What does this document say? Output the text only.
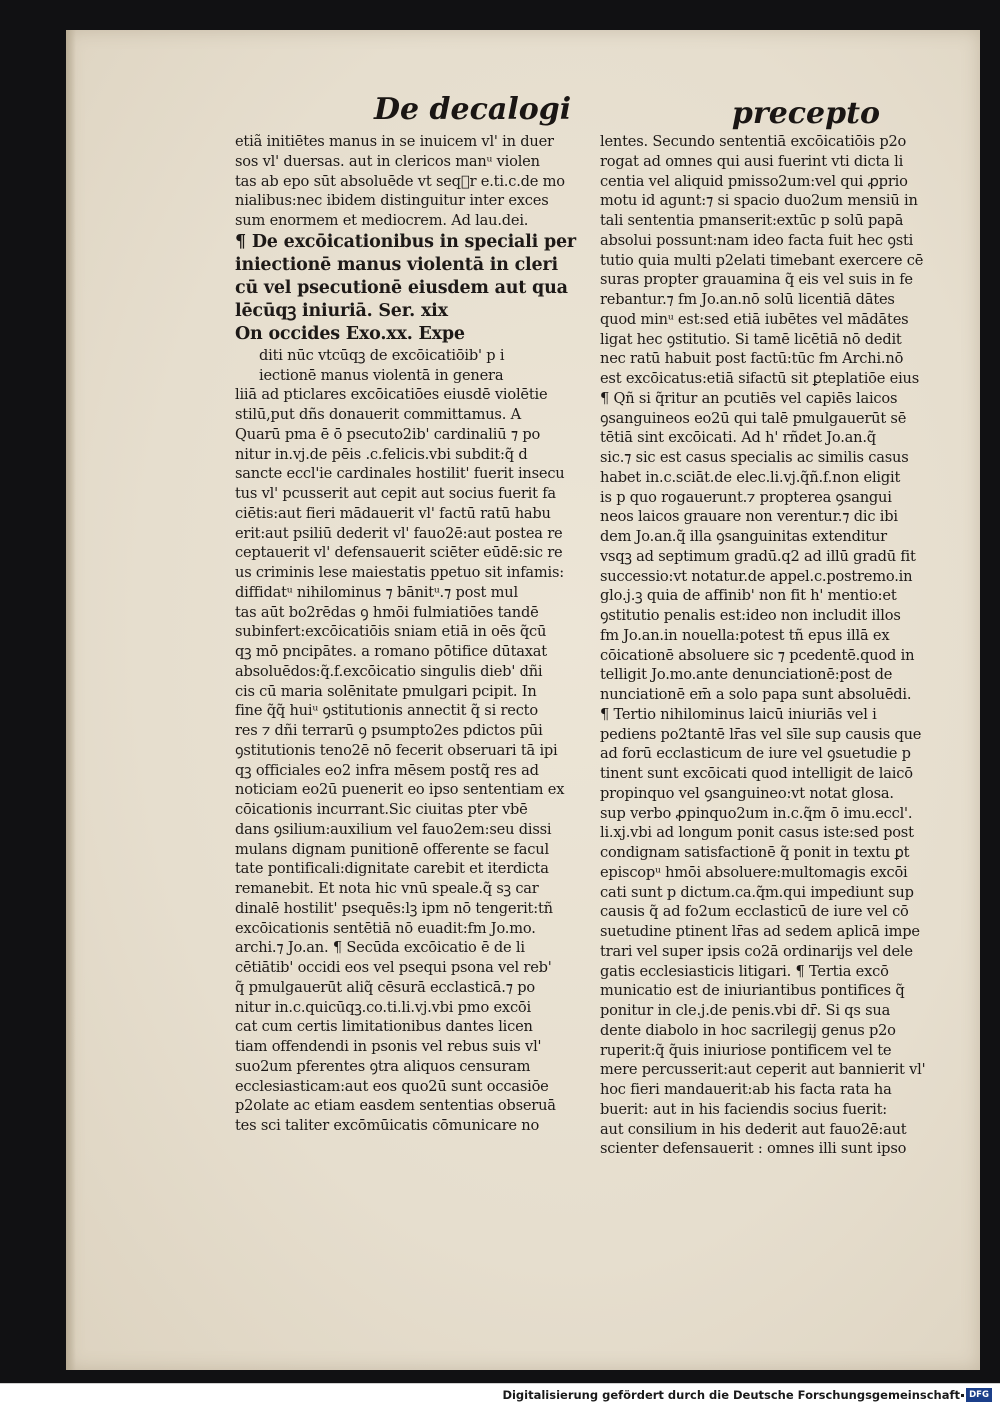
De decalogi	precepto
etiã initiētes manus in se inuicem vl' in duer
sos vl' duersas. aut in clericos manᵘ violen
tas ab epo sūt absoluēde vt seqᷓr e.ti.c.de mo
nialibus:nec ibidem distinguitur inter exces
sum enormem et mediocrem. Ad lau.dei.
¶ De excōicationibus in speciali per
iniectionē manus violentā in cleri
cū vel psecutionē eiusdem aut qua
lēcūqꝫ iniuriā. Ser. xix
On occides Exo.xx. Expe
diti nūc vtcūqꝫ de excōicatiōib' p i
iectionē manus violentā in genera
liiā ad pticlares excōicatiōes eiusdē violētie
stilū,put dñs donauerit committamus. A
Quarū pma ē ō psecuto2ib' cardinaliū ⁊ po
nitur in.vj.de pēis .c.felicis.vbi subdit:q̃ d
sancte eccl'ie cardinales hostilit' fuerit insecu
tus vl' pcusserit aut cepit aut socius fuerit fa
ciētis:aut fieri mādauerit vl' factū ratū habu
erit:aut psiliū dederit vl' fauo2ē:aut postea re
ceptauerit vl' defensauerit sciēter eūdē:sic re
us criminis lese maiestatis ppetuo sit infamis:
diffidatᵘ nihilominus ⁊ bānitᵘ.⁊ post mul
tas aūt bo2rēdas ꝯ hmōi fulmiatiōes tandē
subinfert:excōicatiōis sniam etiā in oēs q̃cū
qꝫ mō pncipātes. a romano pōtifice dūtaxat
absoluēdos:q̃.f.excōicatio singulis dieb' dñi
cis cū maria solēnitate pmulgari pcipit. In
fine q̃q̃ huiᵘ ꝯstitutionis annectit q̃ si recto
res ⁊ dñi terrarū ꝯ psumpto2es pdictos pūi
ꝯstitutionis teno2ē nō fecerit obseruari tā ipi
qꝫ officiales eo2 infra mēsem postq̃ res ad
noticiam eo2ū puenerit eo ipso sententiam ex
cōicationis incurrant.Sic ciuitas pter vbē
dans ꝯsilium:auxilium vel fauo2em:seu dissi
mulans dignam punitionē offerente se facul
tate pontificali:dignitate carebit et iterdicta
remanebit. Et nota hic vnū speale.q̃ sꝫ car
dinalē hostilit' psequēs:lꝫ ipm nō tengerit:tñ
excōicationis sentētiā nō euadit:fm Jo.mo.
archi.⁊ Jo.an. ¶ Secūda excōicatio ē de li
cētiātib' occidi eos vel psequi psona vel reb'
q̃ pmulgauerūt aliq̃ cēsurā ecclasticā.⁊ po
nitur in.c.quicūqꝫ.co.ti.li.vj.vbi pmo excōi
cat cum certis limitationibus dantes licen
tiam offendendi in psonis vel rebus suis vl'
suo2um pferentes ꝯtra aliquos censuram
ecclesiasticam:aut eos quo2ū sunt occasiōe
p2olate ac etiam easdem sententias obseruā
tes sci taliter excōmūicatis cōmunicare no
lentes. Secundo sententiā excōicatiōis p2o
rogat ad omnes qui ausi fuerint vti dicta li
centia vel aliquid pmisso2um:vel qui ꝓprio
motu id agunt:⁊ si spacio duo2um mensiū in
tali sententia pmanserit:extūc p solū papā
absolui possunt:nam ideo facta fuit hec ꝯsti
tutio quia multi p2elati timebant exercere cē
suras propter grauamina q̃ eis vel suis in fe
rebantur.⁊ fm Jo.an.nō solū licentiā dātes
quod minᵘ est:sed etiā iubētes vel mādātes
ligat hec ꝯstitutio. Si tamē licētiā nō dedit
nec ratū habuit post factū:tūc fm Archi.nō
est excōicatus:etiā sifactū sit ꝑteplatiōe eius
¶ Qñ si q̃ritur an pcutiēs vel capiēs laicos
ꝯsanguineos eo2ū qui talē pmulgauerūt sē
tētiā sint excōicati. Ad h' rñdet Jo.an.q̃
sic.⁊ sic est casus specialis ac similis casus
habet in.c.sciāt.de elec.li.vj.q̃ñ.f.non eligit
is p quo rogauerunt.⁊ propterea ꝯsangui
neos laicos grauare non verentur.⁊ dic ibi
dem Jo.an.q̃ illa ꝯsanguinitas extenditur
vsqꝫ ad septimum gradū.q2 ad illū gradū fit
successio:vt notatur.de appel.c.postremo.in
glo.j.ꝫ quia de affinib' non fit h' mentio:et
ꝯstitutio penalis est:ideo non includit illos
fm Jo.an.in nouella:potest tñ epus illā ex
cōicationē absoluere sic ⁊ pcedentē.quod in
telligit Jo.mo.ante denunciationē:post de
nunciationē em̄ a solo papa sunt absoluēdi.
¶ Tertio nihilominus laicū iniuriās vel i
pediens po2tantē lr̄as vel sīle sup causis que
ad forū ecclasticum de iure vel ꝯsuetudie p
tinent sunt excōicati quod intelligit de laicō
propinquo vel ꝯsanguineo:vt notat glosa.
sup verbo ꝓpinquo2um in.c.q̃m ō imu.eccl'.
li.xj.vbi ad longum ponit casus iste:sed post
condignam satisfactionē q̃ ponit in textu ꝑt
episcopᵘ hmōi absoluere:multomagis excōi
cati sunt p dictum.ca.q̃m.qui impediunt sup
causis q̃ ad fo2um ecclasticū de iure vel cō
suetudine ptinent lr̄as ad sedem aplicā impe
trari vel super ipsis co2ā ordinarijs vel dele
gatis ecclesiasticis litigari. ¶ Tertia excō
municatio est de iniuriantibus pontifices q̃
ponitur in cle.j.de penis.vbi dr̄. Si qs sua
dente diabolo in hoc sacrilegij genus p2o
ruperit:q̃ q̃uis iniuriose pontificem vel te
mere percusserit:aut ceperit aut bannierit vl'
hoc fieri mandauerit:ab his facta rata ha
buerit: aut in his faciendis socius fuerit:
aut consilium in his dederit aut fauo2ē:aut
scienter defensauerit : omnes illi sunt ipso
Digitalisierung gefördert durch die Deutsche Forschungsgemeinschaft	DFG
